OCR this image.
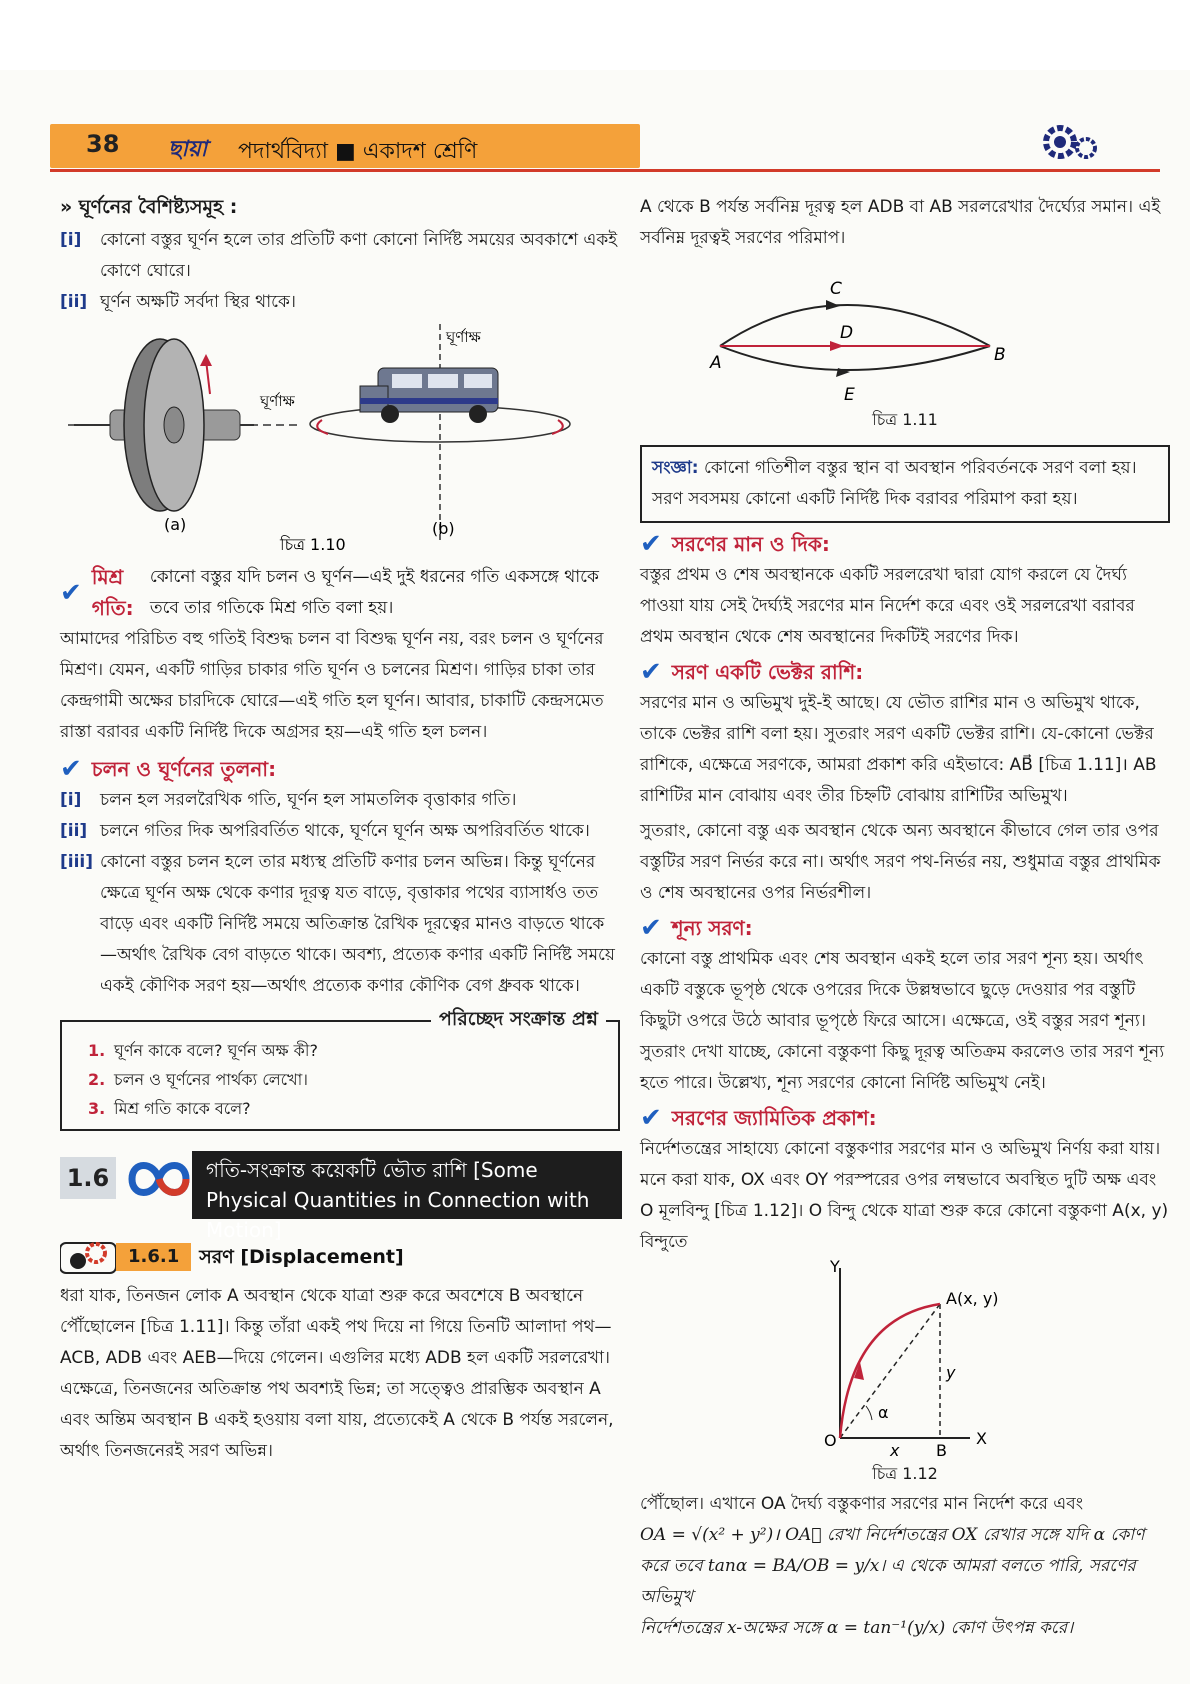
38 ছায়া পদার্থবিদ্যা ■ একাদশ শ্রেণি

» ঘূর্ণনের বৈশিষ্ট্যসমূহ :

[i]	কোনো বস্তুর ঘূর্ণন হলে তার প্রতিটি কণা কোনো নির্দিষ্ট সময়ের অবকাশে একই কোণে ঘোরে।
[ii] ঘূর্ণন অক্ষটি সর্বদা স্থির থাকে।
ঘূর্ণাক্ষ
ঘূর্ণাক্ষ
(a)	(b)
চিত্র 1.10
✔
মিশ্র গতি:
কোনো বস্তুর যদি চলন ও ঘূর্ণন—এই দুই ধরনের গতি একসঙ্গে থাকে তবে তার গতিকে মিশ্র গতি বলা হয়।

আমাদের পরিচিত বহু গতিই বিশুদ্ধ চলন বা বিশুদ্ধ ঘূর্ণন নয়, বরং চলন ও ঘূর্ণনের মিশ্রণ। যেমন, একটি গাড়ির চাকার গতি ঘূর্ণন ও চলনের মিশ্রণ। গাড়ির চাকা তার কেন্দ্রগামী অক্ষের চারদিকে ঘোরে—এই গতি হল ঘূর্ণন। আবার, চাকাটি কেন্দ্রসমেত রাস্তা বরাবর একটি নির্দিষ্ট দিকে অগ্রসর হয়—এই গতি হল চলন।

✔ চলন ও ঘূর্ণনের তুলনা:
[i]	চলন হল সরলরৈখিক গতি, ঘূর্ণন হল সামতলিক বৃত্তাকার গতি।
[ii] চলনে গতির দিক অপরিবর্তিত থাকে, ঘূর্ণনে ঘূর্ণন অক্ষ অপরিবর্তিত থাকে।
[iii] কোনো বস্তুর চলন হলে তার মধ্যস্থ প্রতিটি কণার চলন অভিন্ন। কিন্তু ঘূর্ণনের ক্ষেত্রে ঘূর্ণন অক্ষ থেকে কণার দূরত্ব যত বাড়ে, বৃত্তাকার পথের ব্যাসার্ধও তত বাড়ে এবং একটি নির্দিষ্ট সময়ে অতিক্রান্ত রৈখিক দূরত্বের মানও বাড়তে থাকে—অর্থাৎ রৈখিক বেগ বাড়তে থাকে। অবশ্য, প্রত্যেক কণার একটি নির্দিষ্ট সময়ে একই কৌণিক সরণ হয়—অর্থাৎ প্রত্যেক কণার কৌণিক বেগ ধ্রুবক থাকে।
পরিচ্ছেদ সংক্রান্ত প্রশ্ন
1. ঘূর্ণন কাকে বলে? ঘূর্ণন অক্ষ কী?
2. চলন ও ঘূর্ণনের পার্থক্য লেখো।
3. মিশ্র গতি কাকে বলে?
1.6	গতি-সংক্রান্ত কয়েকটি ভৌত রাশি [Some
Physical Quantities in Connection with Motion]
1.6.1	সরণ [Displacement]

ধরা যাক, তিনজন লোক A অবস্থান থেকে যাত্রা শুরু করে অবশেষে B অবস্থানে পৌঁছোলেন [চিত্র 1.11]। কিন্তু তাঁরা একই পথ দিয়ে না গিয়ে তিনটি আলাদা পথ—ACB, ADB এবং AEB—দিয়ে গেলেন। এগুলির মধ্যে ADB হল একটি সরলরেখা। এক্ষেত্রে, তিনজনের অতিক্রান্ত পথ অবশ্যই ভিন্ন; তা সত্ত্বেও প্রারম্ভিক অবস্থান A এবং অন্তিম অবস্থান B একই হওয়ায় বলা যায়, প্রত্যেকেই A থেকে B পর্যন্ত সরলেন, অর্থাৎ তিনজনেরই সরণ অভিন্ন।

A থেকে B পর্যন্ত সর্বনিম্ন দূরত্ব হল ADB বা AB সরলরেখার দৈর্ঘ্যের সমান। এই সর্বনিম্ন দূরত্বই সরণের পরিমাপ।

A	B
C
D
E
চিত্র 1.11
সংজ্ঞা: কোনো গতিশীল বস্তুর স্থান বা অবস্থান পরিবর্তনকে সরণ বলা হয়। সরণ সবসময় কোনো একটি নির্দিষ্ট দিক বরাবর পরিমাপ করা হয়।
✔ সরণের মান ও দিক:

বস্তুর প্রথম ও শেষ অবস্থানকে একটি সরলরেখা দ্বারা যোগ করলে যে দৈর্ঘ্য পাওয়া যায় সেই দৈর্ঘ্যই সরণের মান নির্দেশ করে এবং ওই সরলরেখা বরাবর প্রথম অবস্থান থেকে শেষ অবস্থানের দিকটিই সরণের দিক।

✔ সরণ একটি ভেক্টর রাশি:

সরণের মান ও অভিমুখ দুই-ই আছে। যে ভৌত রাশির মান ও অভিমুখ থাকে, তাকে ভেক্টর রাশি বলা হয়। সুতরাং সরণ একটি ভেক্টর রাশি। যে-কোনো ভেক্টর রাশিকে, এক্ষেত্রে সরণকে, আমরা প্রকাশ করি এইভাবে: AB⃗ [চিত্র 1.11]। AB রাশিটির মান বোঝায় এবং তীর চিহ্নটি বোঝায় রাশিটির অভিমুখ।

সুতরাং, কোনো বস্তু এক অবস্থান থেকে অন্য অবস্থানে কীভাবে গেল তার ওপর বস্তুটির সরণ নির্ভর করে না। অর্থাৎ সরণ পথ-নির্ভর নয়, শুধুমাত্র বস্তুর প্রাথমিক ও শেষ অবস্থানের ওপর নির্ভরশীল।

✔ শূন্য সরণ:

কোনো বস্তু প্রাথমিক এবং শেষ অবস্থান একই হলে তার সরণ শূন্য হয়। অর্থাৎ একটি বস্তুকে ভূপৃষ্ঠ থেকে ওপরের দিকে উল্লম্বভাবে ছুড়ে দেওয়ার পর বস্তুটি কিছুটা ওপরে উঠে আবার ভূপৃষ্ঠে ফিরে আসে। এক্ষেত্রে, ওই বস্তুর সরণ শূন্য। সুতরাং দেখা যাচ্ছে, কোনো বস্তুকণা কিছু দূরত্ব অতিক্রম করলেও তার সরণ শূন্য হতে পারে। উল্লেখ্য, শূন্য সরণের কোনো নির্দিষ্ট অভিমুখ নেই।

✔ সরণের জ্যামিতিক প্রকাশ:

নির্দেশতন্ত্রের সাহায্যে কোনো বস্তুকণার সরণের মান ও অভিমুখ নির্ণয় করা যায়। মনে করা যাক, OX এবং OY পরস্পরের ওপর লম্বভাবে অবস্থিত দুটি অক্ষ এবং O মূলবিন্দু [চিত্র 1.12]। O বিন্দু থেকে যাত্রা শুরু করে কোনো বস্তুকণা A(x, y) বিন্দুতে

Y
X
O
A(x, y)
y
x B
α
চিত্র 1.12

পৌঁছোল। এখানে OA দৈর্ঘ্য বস্তুকণার সরণের মান নির্দেশ করে এবং

OA = √(x² + y²)। OA⃗ রেখা নির্দেশতন্ত্রের OX রেখার সঙ্গে যদি α কোণ

করে তবে tanα = BA/OB = y/x। এ থেকে আমরা বলতে পারি, সরণের অভিমুখ

নির্দেশতন্ত্রের x-অক্ষের সঙ্গে α = tan⁻¹(y/x) কোণ উৎপন্ন করে।
